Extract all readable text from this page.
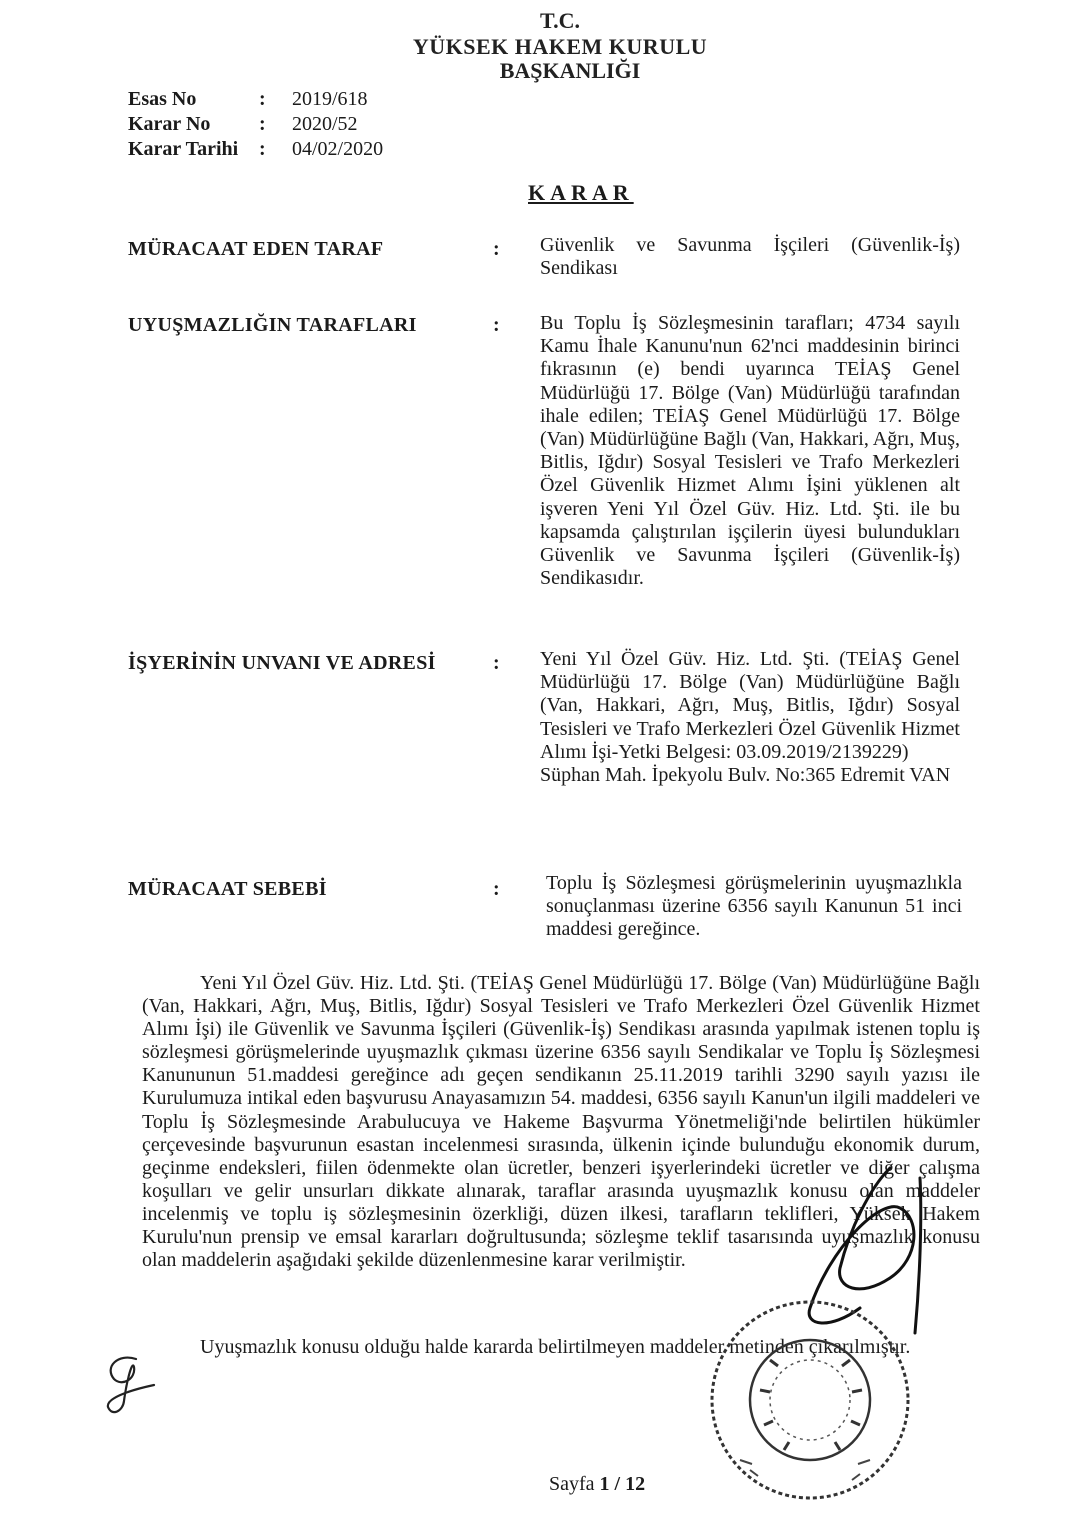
T.C.
YÜKSEK HAKEM KURULU
BAŞKANLIĞI
Esas No	: 2019/618
Karar No : 2020/52
Karar Tarihi : 04/02/2020
KARAR
MÜRACAAT EDEN TARAF	: Güvenlik ve Savunma İşçileri (Güvenlik-İş) Sendikası
UYUŞMAZLIĞIN TARAFLARI	: Bu Toplu İş Sözleşmesinin tarafları; 4734 sayılı Kamu İhale Kanunu'nun 62'nci maddesinin birinci fıkrasının (e) bendi uyarınca TEİAŞ Genel Müdürlüğü 17. Bölge (Van) Müdürlüğü tarafından ihale edilen; TEİAŞ Genel Müdürlüğü 17. Bölge (Van) Müdürlüğüne Bağlı (Van, Hakkari, Ağrı, Muş, Bitlis, Iğdır) Sosyal Tesisleri ve Trafo Merkezleri Özel Güvenlik Hizmet Alımı İşini yüklenen alt işveren Yeni Yıl Özel Güv. Hiz. Ltd. Şti. ile bu kapsamda çalıştırılan işçilerin üyesi bulundukları Güvenlik ve Savunma İşçileri (Güvenlik-İş) Sendikasıdır.
İŞYERİNİN UNVANI VE ADRESİ	: Yeni Yıl Özel Güv. Hiz. Ltd. Şti. (TEİAŞ Genel Müdürlüğü 17. Bölge (Van) Müdürlüğüne Bağlı (Van, Hakkari, Ağrı, Muş, Bitlis, Iğdır) Sosyal Tesisleri ve Trafo Merkezleri Özel Güvenlik Hizmet Alımı İşi-Yetki Belgesi: 03.09.2019/2139229)
Süphan Mah. İpekyolu Bulv. No:365 Edremit VAN
MÜRACAAT SEBEBİ	: Toplu İş Sözleşmesi görüşmelerinin uyuşmazlıkla sonuçlanması üzerine 6356 sayılı Kanunun 51 inci maddesi gereğince.
Yeni Yıl Özel Güv. Hiz. Ltd. Şti. (TEİAŞ Genel Müdürlüğü 17. Bölge (Van) Müdürlüğüne Bağlı (Van, Hakkari, Ağrı, Muş, Bitlis, Iğdır) Sosyal Tesisleri ve Trafo Merkezleri Özel Güvenlik Hizmet Alımı İşi) ile Güvenlik ve Savunma İşçileri (Güvenlik-İş) Sendikası arasında yapılmak istenen toplu iş sözleşmesi görüşmelerinde uyuşmazlık çıkması üzerine 6356 sayılı Sendikalar ve Toplu İş Sözleşmesi Kanununun 51.maddesi gereğince adı geçen sendikanın 25.11.2019 tarihli 3290 sayılı yazısı ile Kurulumuza intikal eden başvurusu Anayasamızın 54. maddesi, 6356 sayılı Kanun'un ilgili maddeleri ve Toplu İş Sözleşmesinde Arabulucuya ve Hakeme Başvurma Yönetmeliği'nde belirtilen hükümler çerçevesinde başvurunun esastan incelenmesi sırasında, ülkenin içinde bulunduğu ekonomik durum, geçinme endeksleri, fiilen ödenmekte olan ücretler, benzeri işyerlerindeki ücretler ve diğer çalışma koşulları ve gelir unsurları dikkate alınarak, taraflar arasında uyuşmazlık konusu olan maddeler incelenmiş ve toplu iş sözleşmesinin özerkliği, düzen ilkesi, tarafların teklifleri, Yüksek Hakem Kurulu'nun prensip ve emsal kararları doğrultusunda; sözleşme teklif tasarısında uyuşmazlık konusu olan maddelerin aşağıdaki şekilde düzenlenmesine karar verilmiştir.
Uyuşmazlık konusu olduğu halde kararda belirtilmeyen maddeler metinden çıkarılmıştır.
Sayfa 1 / 12
